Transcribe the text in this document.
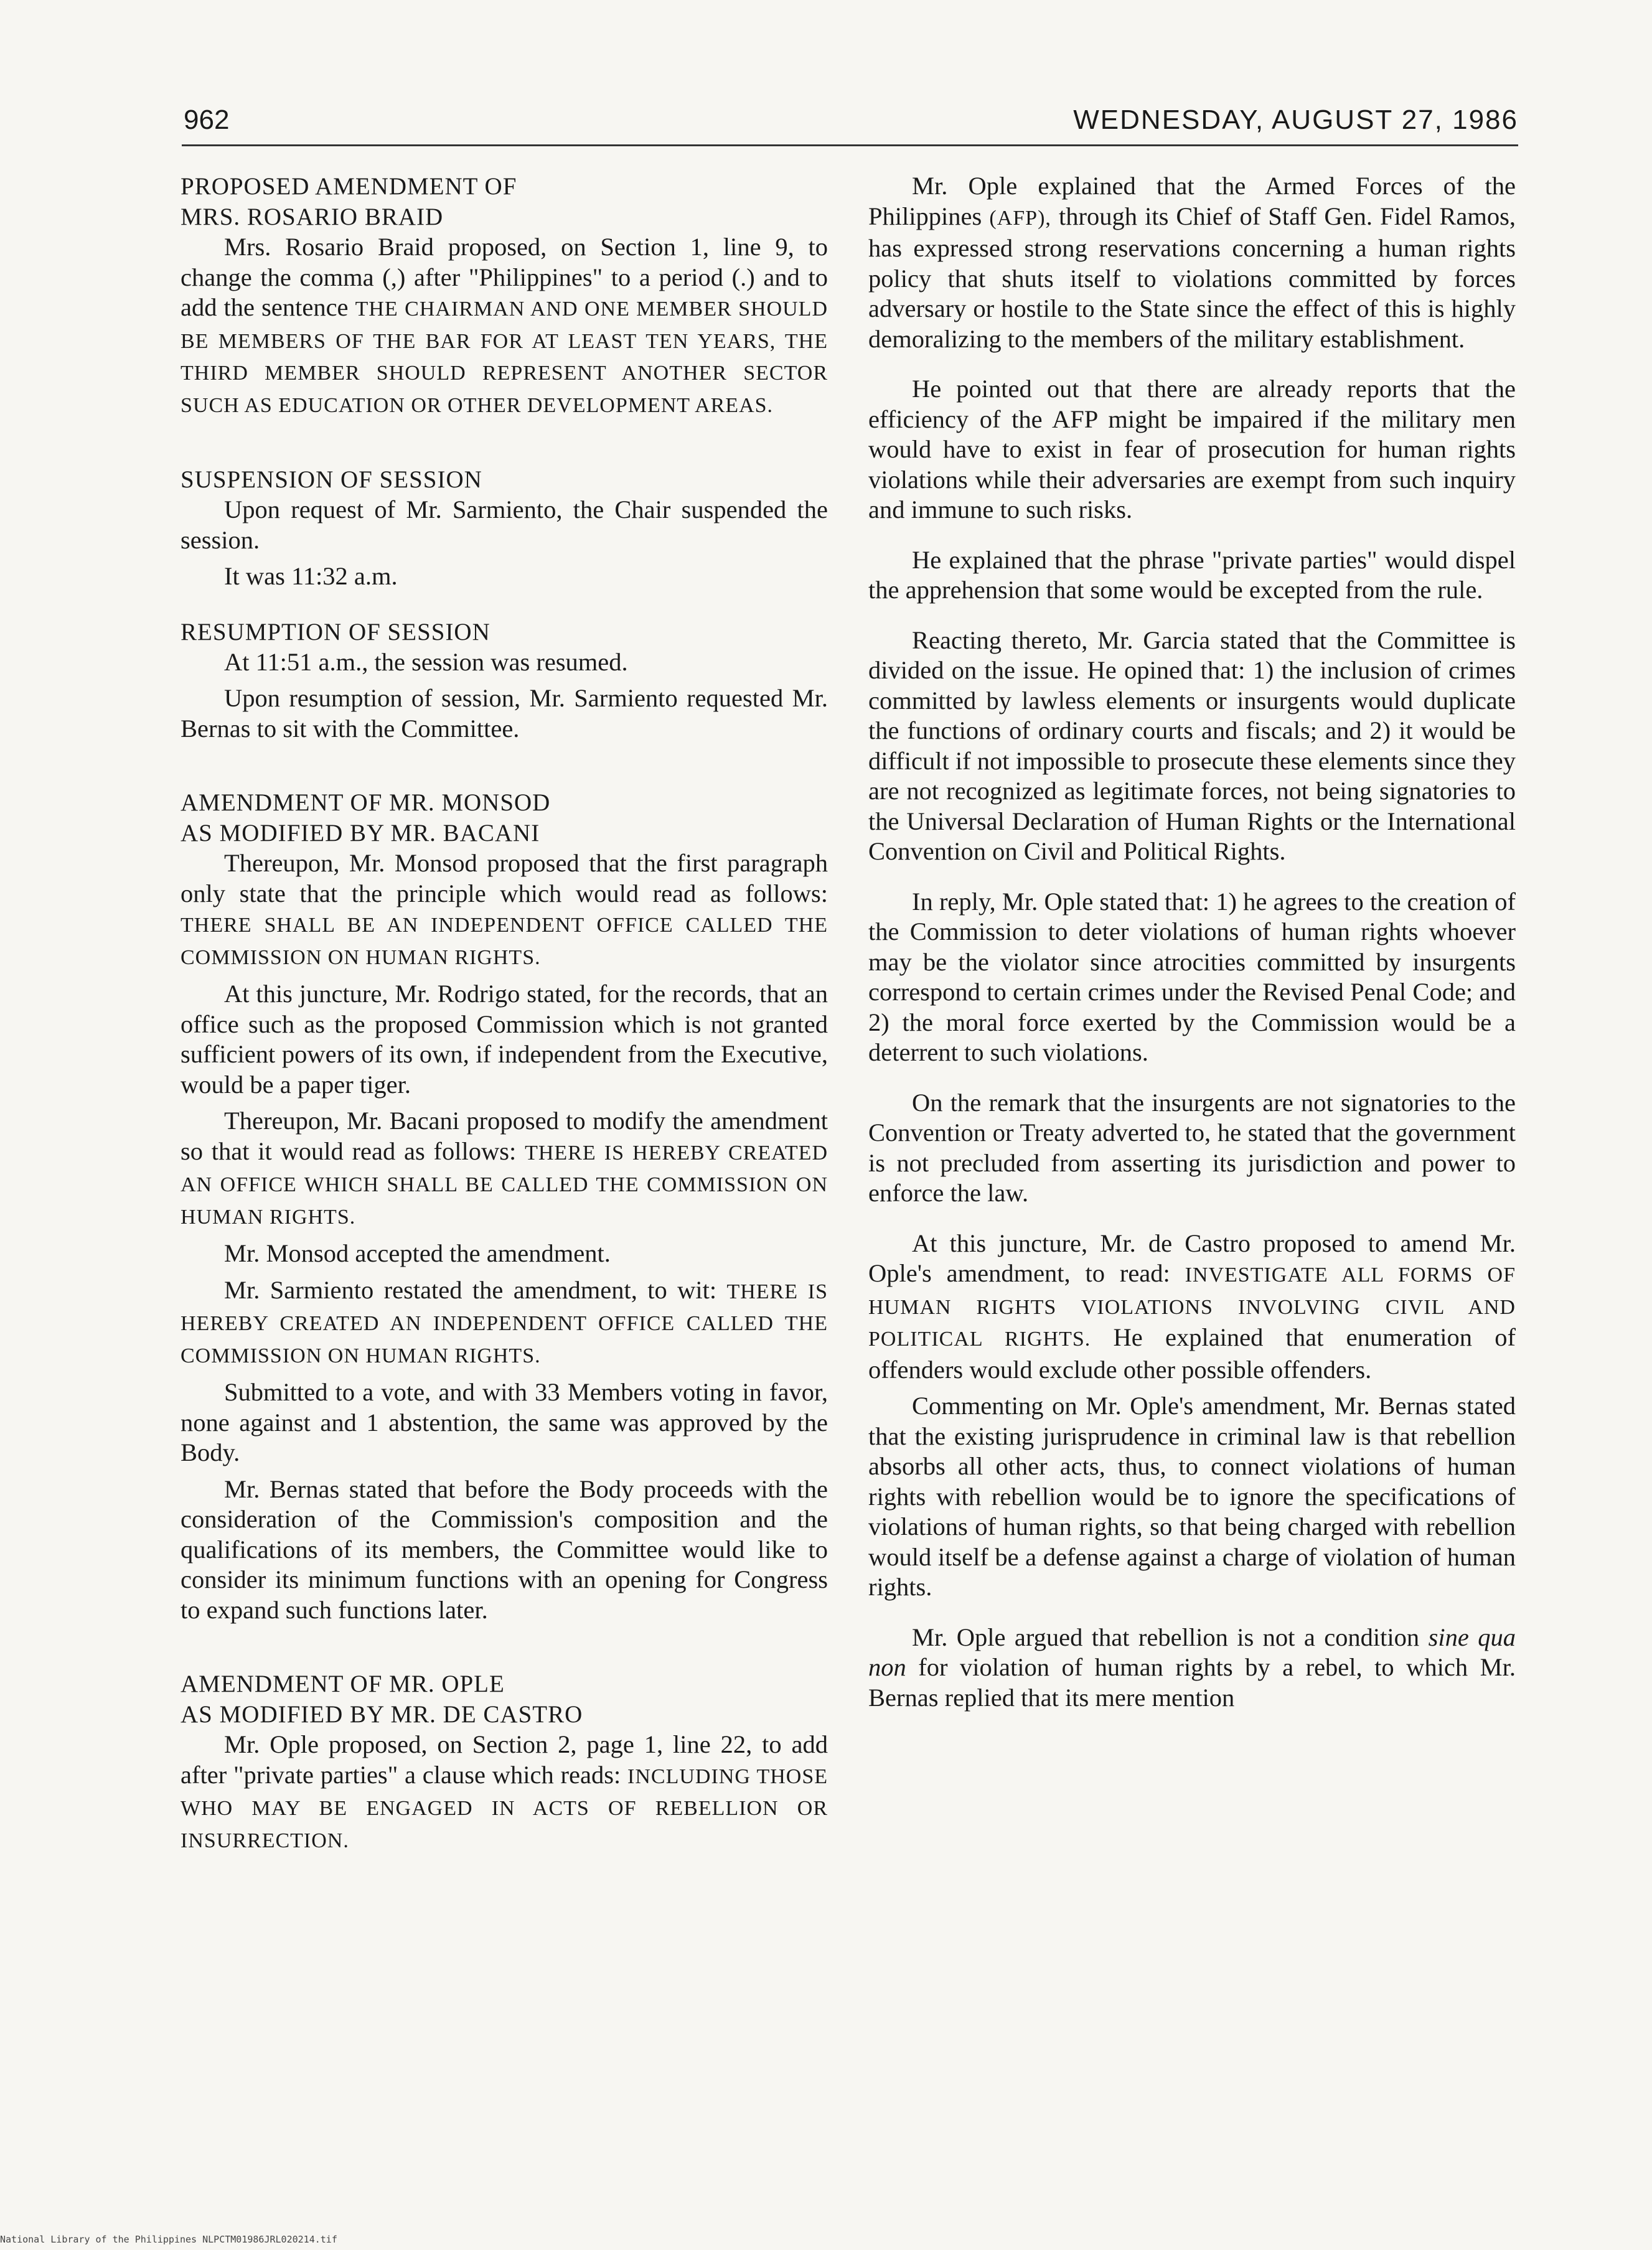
962	WEDNESDAY, AUGUST 27, 1986
PROPOSED AMENDMENT OF
MRS. ROSARIO BRAID

Mrs. Rosario Braid proposed, on Section 1, line 9, to change the comma (,) after "Philippines" to a period (.) and to add the sentence THE CHAIRMAN AND ONE MEMBER SHOULD BE MEMBERS OF THE BAR FOR AT LEAST TEN YEARS, THE THIRD MEMBER SHOULD REPRESENT ANOTHER SECTOR SUCH AS EDUCATION OR OTHER DEVELOPMENT AREAS.

SUSPENSION OF SESSION

Upon request of Mr. Sarmiento, the Chair suspended the session.

It was 11:32 a.m.

RESUMPTION OF SESSION

At 11:51 a.m., the session was resumed.

Upon resumption of session, Mr. Sarmiento requested Mr. Bernas to sit with the Committee.

AMENDMENT OF MR. MONSOD
AS MODIFIED BY MR. BACANI

Thereupon, Mr. Monsod proposed that the first paragraph only state that the principle which would read as follows: THERE SHALL BE AN INDEPENDENT OFFICE CALLED THE COMMISSION ON HUMAN RIGHTS.

At this juncture, Mr. Rodrigo stated, for the records, that an office such as the proposed Commission which is not granted sufficient powers of its own, if independent from the Executive, would be a paper tiger.

Thereupon, Mr. Bacani proposed to modify the amendment so that it would read as follows: THERE IS HEREBY CREATED AN OFFICE WHICH SHALL BE CALLED THE COMMISSION ON HUMAN RIGHTS.

Mr. Monsod accepted the amendment.

Mr. Sarmiento restated the amendment, to wit: THERE IS HEREBY CREATED AN INDEPENDENT OFFICE CALLED THE COMMISSION ON HUMAN RIGHTS.

Submitted to a vote, and with 33 Members voting in favor, none against and 1 abstention, the same was approved by the Body.

Mr. Bernas stated that before the Body proceeds with the consideration of the Commission's composition and the qualifications of its members, the Committee would like to consider its minimum functions with an opening for Congress to expand such functions later.

AMENDMENT OF MR. OPLE
AS MODIFIED BY MR. DE CASTRO

Mr. Ople proposed, on Section 2, page 1, line 22, to add after "private parties" a clause which reads: INCLUDING THOSE WHO MAY BE ENGAGED IN ACTS OF REBELLION OR INSURRECTION.

Mr. Ople explained that the Armed Forces of the Philippines (AFP), through its Chief of Staff Gen. Fidel Ramos, has expressed strong reservations concerning a human rights policy that shuts itself to violations committed by forces adversary or hostile to the State since the effect of this is highly demoralizing to the members of the military establishment.

He pointed out that there are already reports that the efficiency of the AFP might be impaired if the military men would have to exist in fear of prosecution for human rights violations while their adversaries are exempt from such inquiry and immune to such risks.

He explained that the phrase "private parties" would dispel the apprehension that some would be excepted from the rule.

Reacting thereto, Mr. Garcia stated that the Committee is divided on the issue. He opined that: 1) the inclusion of crimes committed by lawless elements or insurgents would duplicate the functions of ordinary courts and fiscals; and 2) it would be difficult if not impossible to prosecute these elements since they are not recognized as legitimate forces, not being signatories to the Universal Declaration of Human Rights or the International Convention on Civil and Political Rights.

In reply, Mr. Ople stated that: 1) he agrees to the creation of the Commission to deter violations of human rights whoever may be the violator since atrocities committed by insurgents correspond to certain crimes under the Revised Penal Code; and 2) the moral force exerted by the Commission would be a deterrent to such violations.

On the remark that the insurgents are not signatories to the Convention or Treaty adverted to, he stated that the government is not precluded from asserting its jurisdiction and power to enforce the law.

At this juncture, Mr. de Castro proposed to amend Mr. Ople's amendment, to read: INVESTIGATE ALL FORMS OF HUMAN RIGHTS VIOLATIONS INVOLVING CIVIL AND POLITICAL RIGHTS. He explained that enumeration of offenders would exclude other possible offenders.

Commenting on Mr. Ople's amendment, Mr. Bernas stated that the existing jurisprudence in criminal law is that rebellion absorbs all other acts, thus, to connect violations of human rights with rebellion would be to ignore the specifications of violations of human rights, so that being charged with rebellion would itself be a defense against a charge of violation of human rights.

Mr. Ople argued that rebellion is not a condition sine qua non for violation of human rights by a rebel, to which Mr. Bernas replied that its mere mention

National Library of the Philippines NLPCTM01986JRL020214.tif
